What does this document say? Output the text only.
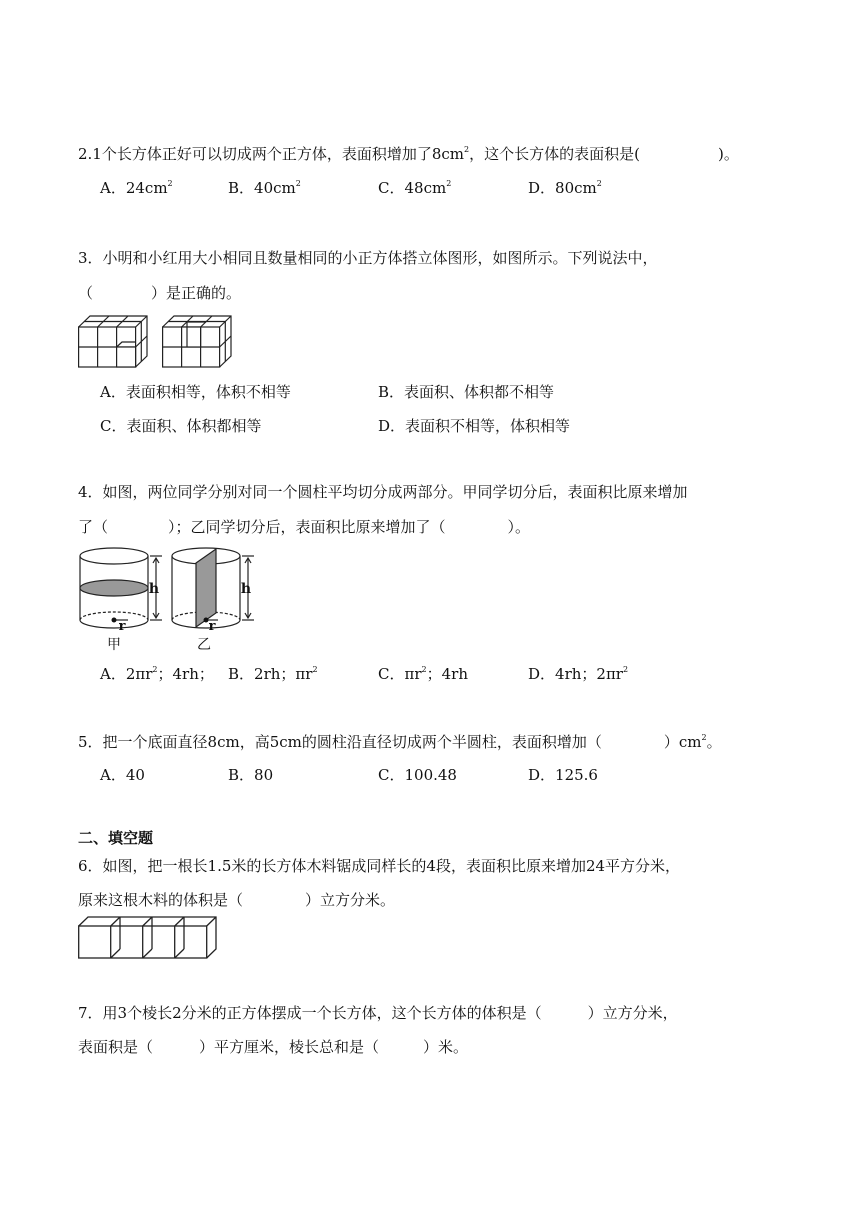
2.1个长方体正好可以切成两个正方体，表面积增加了$8cm^2$，这个长方体的表面积是(	)。
A．$24cm^2$	B．$40cm^2$	C．$48cm^2$	D．$80cm^2$
3．小明和小红用大小相同且数量相同的小正方体搭立体图形，如图所示。下列说法中，
（	）是正确的。
A．表面积相等，体积不相等	B．表面积、体积都不相等
C．表面积、体积都相等	D．表面积不相等，体积相等
4．如图，两位同学分别对同一个圆柱平均切分成两部分。甲同学切分后，表面积比原来增加
了（	）；乙同学切分后，表面积比原来增加了（	）。
h
r
甲
h
r
乙
A．$2\pi r^2$；4rh； B．2rh；$\pi r^2$	C．$\pi r^2$；4rh	D．4rh；$2\pi r^2$
5．把一个底面直径8cm，高5cm的圆柱沿直径切成两个半圆柱，表面积增加（	）$cm^2$。
A．40	B．80	C．100.48	D．125.6
二、填空题
6．如图，把一根长1.5米的长方体木料锯成同样长的4段，表面积比原来增加24平方分米，
原来这根木料的体积是（	）立方分米。
7．用3个棱长2分米的正方体摆成一个长方体，这个长方体的体积是（	）立方分米，
表面积是（	）平方厘米，棱长总和是（	）米。
